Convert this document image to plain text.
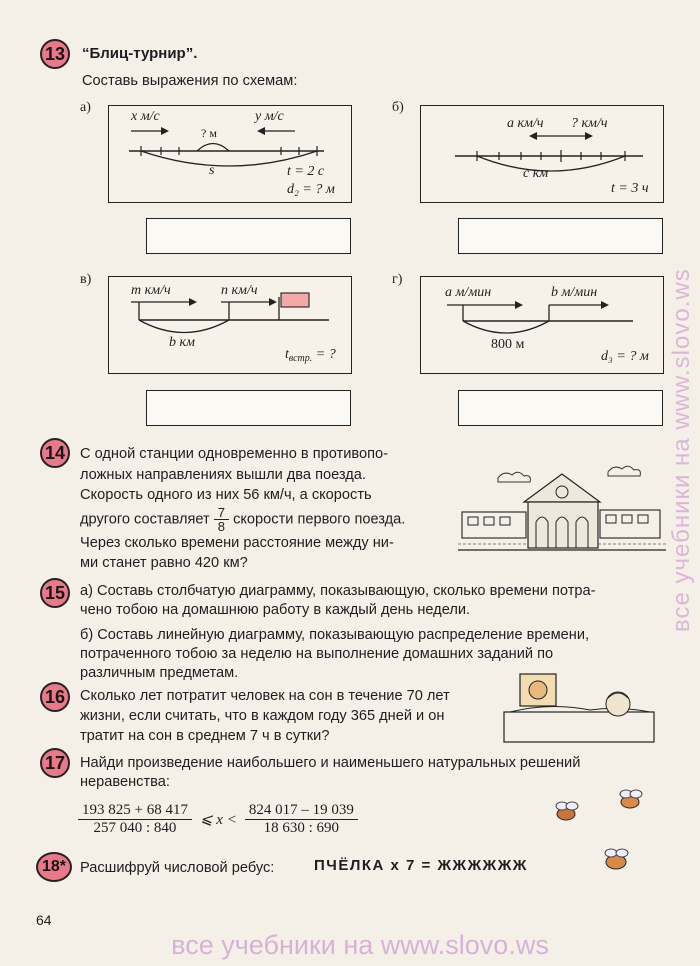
13 “Блиц-турнир”.
Составь выражения по схемам:
а)
x м/с	y м/с
? м
s	t = 2 с
d₂ = ? м
б)
a км/ч ? км/ч
c км
t = 3 ч
в)
m км/ч	n км/ч
b км
$t_{встр.}$ = ?
г)
a м/мин	b м/мин
800 м
d₃ = ? м
14 С одной станции одновременно в противопо-
ложных направлениях вышли два поезда.
Скорость одного из них 56 км/ч, а скорость
другого составляет $\frac{7}{8}$ скорости первого поезда.
Через сколько времени расстояние между ни-
ми станет равно 420 км?
15 а) Составь столбчатую диаграмму, показывающую, сколько времени потра-
чено тобою на домашнюю работу в каждый день недели.
б) Составь линейную диаграмму, показывающую распределение времени,
потраченного тобою за неделю на выполнение домашних заданий по
различным предметам.
16 Сколько лет потратит человек на сон в течение 70 лет
жизни, если считать, что в каждом году 365 дней и он
тратит на сон в среднем 7 ч в сутки?
17 Найди произведение наибольшего и наименьшего натуральных решений
неравенства:
$\frac{193 825 + 68 417}{257 040 : 840}$ ⩽ $x < \frac{824 017 - 19 039}{18 630 : 690}$
18* Расшифруй числовой ребус:	ПЧЁЛКА х 7 = ЖЖЖЖЖЖ
64
все учебники на www.slovo.ws
все учебники на www.slovo.ws
